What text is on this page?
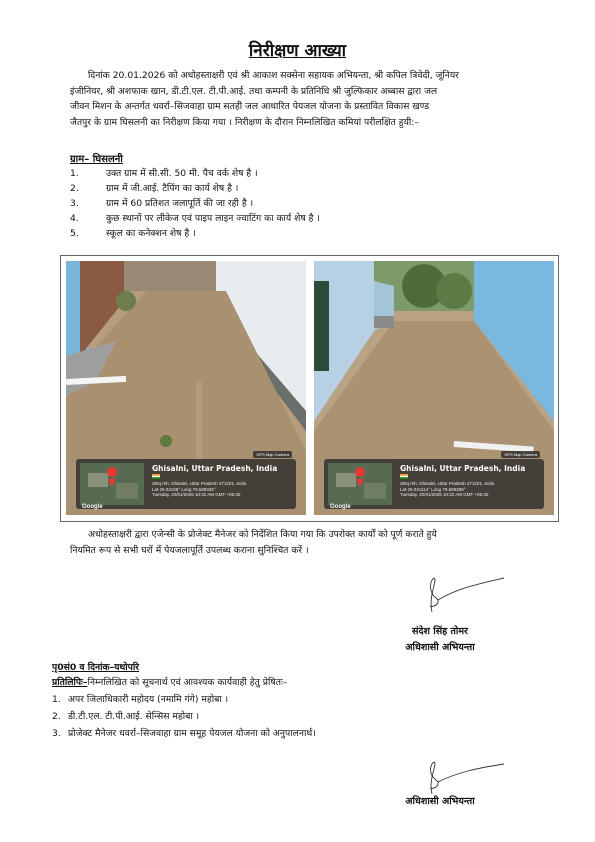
निरीक्षण आख्या
दिनांक 20.01.2026 को अधोहस्ताक्षरी एवं श्री आकाश सक्सेना सहायक अभियन्ता, श्री कपिल त्रिवेदी, जूनियर
इंजीनियर, श्री अशफाक खान, डी.टी.एल. टी.पी.आई. तथा कम्पनी के प्रतिनिधि श्री जुल्फिकार अब्बास द्वारा जल
जीवन मिशन के अन्तर्गत धवर्रा–सिजवाहा ग्राम सतही जल आधारित पेयजल योजना के प्रस्तावित विकास खण्ड
जैतपुर के ग्राम घिसलनी का निरीक्षण किया गया । निरीक्षण के दौरान निम्नलिखित कमियां परीलक्षित हुयी:–
ग्राम– घिसलनी
1.	उक्त ग्राम में सी.सी. 50 मी. पैच वर्क शेष है ।
2.	ग्राम में जी.आई. टैपिंग का कार्य शेष है ।
3.	ग्राम में 60 प्रतिशत जलापूर्ति की जा रही है ।
4.	कुछ स्थानों पर लीकेज एवं पाइप लाइन ज्वाटिंग का कार्य शेष है ।
5.	स्कूल का कनेक्शन शेष है ।
GPS Map Camera
Google
Ghisalni, Uttar Pradesh, India
29rq+hh, Ghisalni, Uttar Pradesh 471201, India
Lat 25.04108° Long 79.589336°
Tuesday, 20/01/2026 10:32 AM GMT +05:30
GPS Map Camera
Google
Ghisalni, Uttar Pradesh, India
29rq+hh, Ghisalni, Uttar Pradesh 471201, India
Lat 25.041114° Long 79.589389°
Tuesday, 20/01/2026 10:32 AM GMT +05:30
अधोहस्ताक्षरी द्वारा एजेन्सी के प्रोजेक्ट मैनेजर को निर्देशित किया गया कि उपरोक्त कार्यों को पूर्ण कराते हुये
नियमित रूप से सभी घरों में पेयजलापूर्ति उपलब्ध कराना सुनिश्चित करें ।
संदेश सिंह तोमर
अधिशासी अभियन्ता
पृ0सं0 व दिनांक–यथोपरि
प्रतिलिपिः–निम्नलिखित को सूचनार्थ एवं आवश्यक कार्यवाही हेतु प्रेषितः–
1. अपर जिलाधिकारी महोदय (नमामि गंगे) महोबा ।
2. डी.टी.एल. टी.पी.आई. सेन्सिस महोबा ।
3. प्रोजेक्ट मैनेजर धवर्रा–सिजवाहा ग्राम समूह पेयजल योजना को अनुपालनार्थ।
अधिशासी अभियन्ता
